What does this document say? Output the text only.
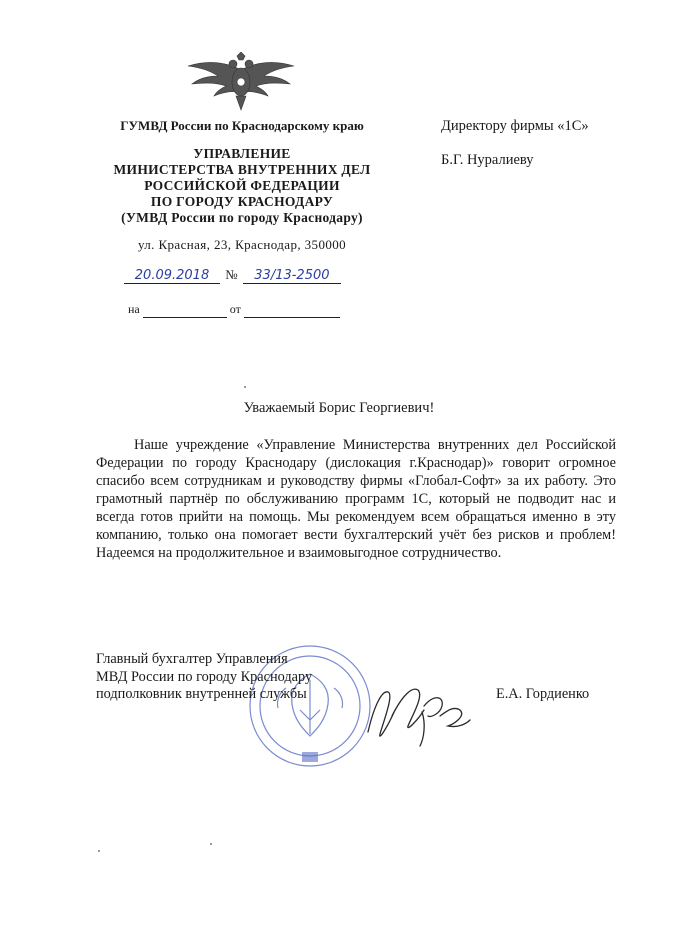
ГУМВД России по Краснодарскому краю
УПРАВЛЕНИЕ
МИНИСТЕРСТВА ВНУТРЕННИХ ДЕЛ
РОССИЙСКОЙ ФЕДЕРАЦИИ
ПО ГОРОДУ КРАСНОДАРУ
(УМВД России по городу Краснодару)
ул. Красная, 23, Краснодар, 350000
20.09.2018 № 33/13-2500
на	от
Директору фирмы «1С»
Б.Г. Нуралиеву
Уважаемый Борис Георгиевич!

Наше учреждение «Управление Министерства внутренних дел Российской Федерации по городу Краснодару (дислокация г.Краснодар)» говорит огромное спасибо всем сотрудникам и руководству фирмы «Глобал-Софт» за их работу. Это грамотный партнёр по обслуживанию программ 1С, который не подводит нас и всегда готов прийти на помощь. Мы рекомендуем всем обращаться именно в эту компанию, только она помогает вести бухгалтерский учёт без рисков и проблем! Надеемся на продолжительное и взаимовыгодное сотрудничество.

Главный бухгалтер Управления
МВД России по городу Краснодару
подполковник внутренней службы	Е.А. Гордиенко
